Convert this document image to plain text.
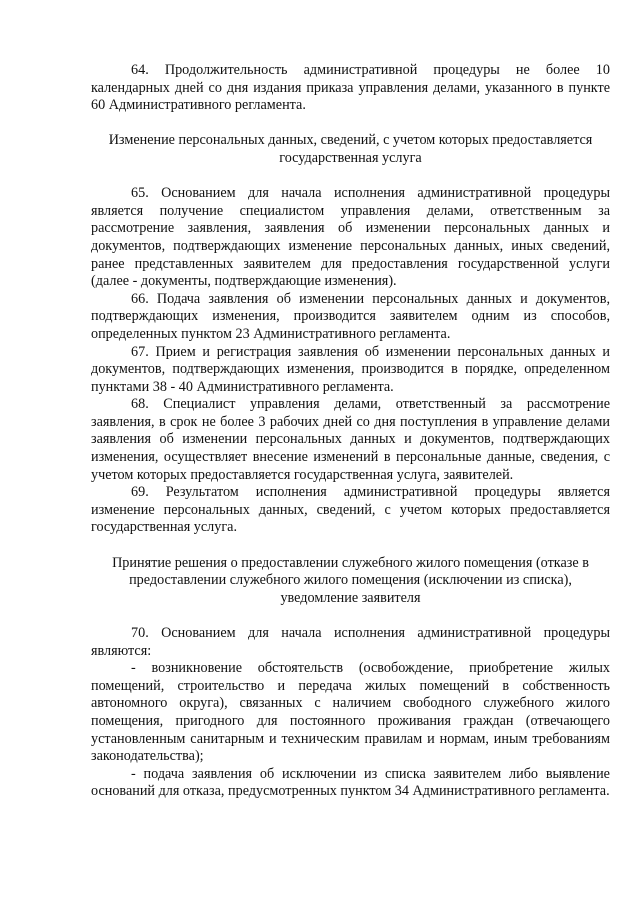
64. Продолжительность административной процедуры не более 10 календарных дней со дня издания приказа управления делами, указанного в пункте 60 Административного регламента.

Изменение персональных данных, сведений, с учетом которых предоставляется государственная услуга

65. Основанием для начала исполнения административной процедуры является получение специалистом управления делами, ответственным за рассмотрение заявления, заявления об изменении персональных данных и документов, подтверждающих изменение персональных данных, иных сведений, ранее представленных заявителем для предоставления государственной услуги (далее - документы, подтверждающие изменения).

66. Подача заявления об изменении персональных данных и документов, подтверждающих изменения, производится заявителем одним из способов, определенных пунктом 23 Административного регламента.

67. Прием и регистрация заявления об изменении персональных данных и документов, подтверждающих изменения, производится в порядке, определенном пунктами 38 - 40 Административного регламента.

68. Специалист управления делами, ответственный за рассмотрение заявления, в срок не более 3 рабочих дней со дня поступления в управление делами заявления об изменении персональных данных и документов, подтверждающих изменения, осуществляет внесение изменений в персональные данные, сведения, с учетом которых предоставляется государственная услуга, заявителей.

69. Результатом исполнения административной процедуры является изменение персональных данных, сведений, с учетом которых предоставляется государственная услуга.

Принятие решения о предоставлении служебного жилого помещения (отказе в предоставлении служебного жилого помещения (исключении из списка), уведомление заявителя

70. Основанием для начала исполнения административной процедуры являются:

- возникновение обстоятельств (освобождение, приобретение жилых помещений, строительство и передача жилых помещений в собственность автономного округа), связанных с наличием свободного служебного жилого помещения, пригодного для постоянного проживания граждан (отвечающего установленным санитарным и техническим правилам и нормам, иным требованиям законодательства);

- подача заявления об исключении из списка заявителем либо выявление оснований для отказа, предусмотренных пунктом 34 Административного регламента.
